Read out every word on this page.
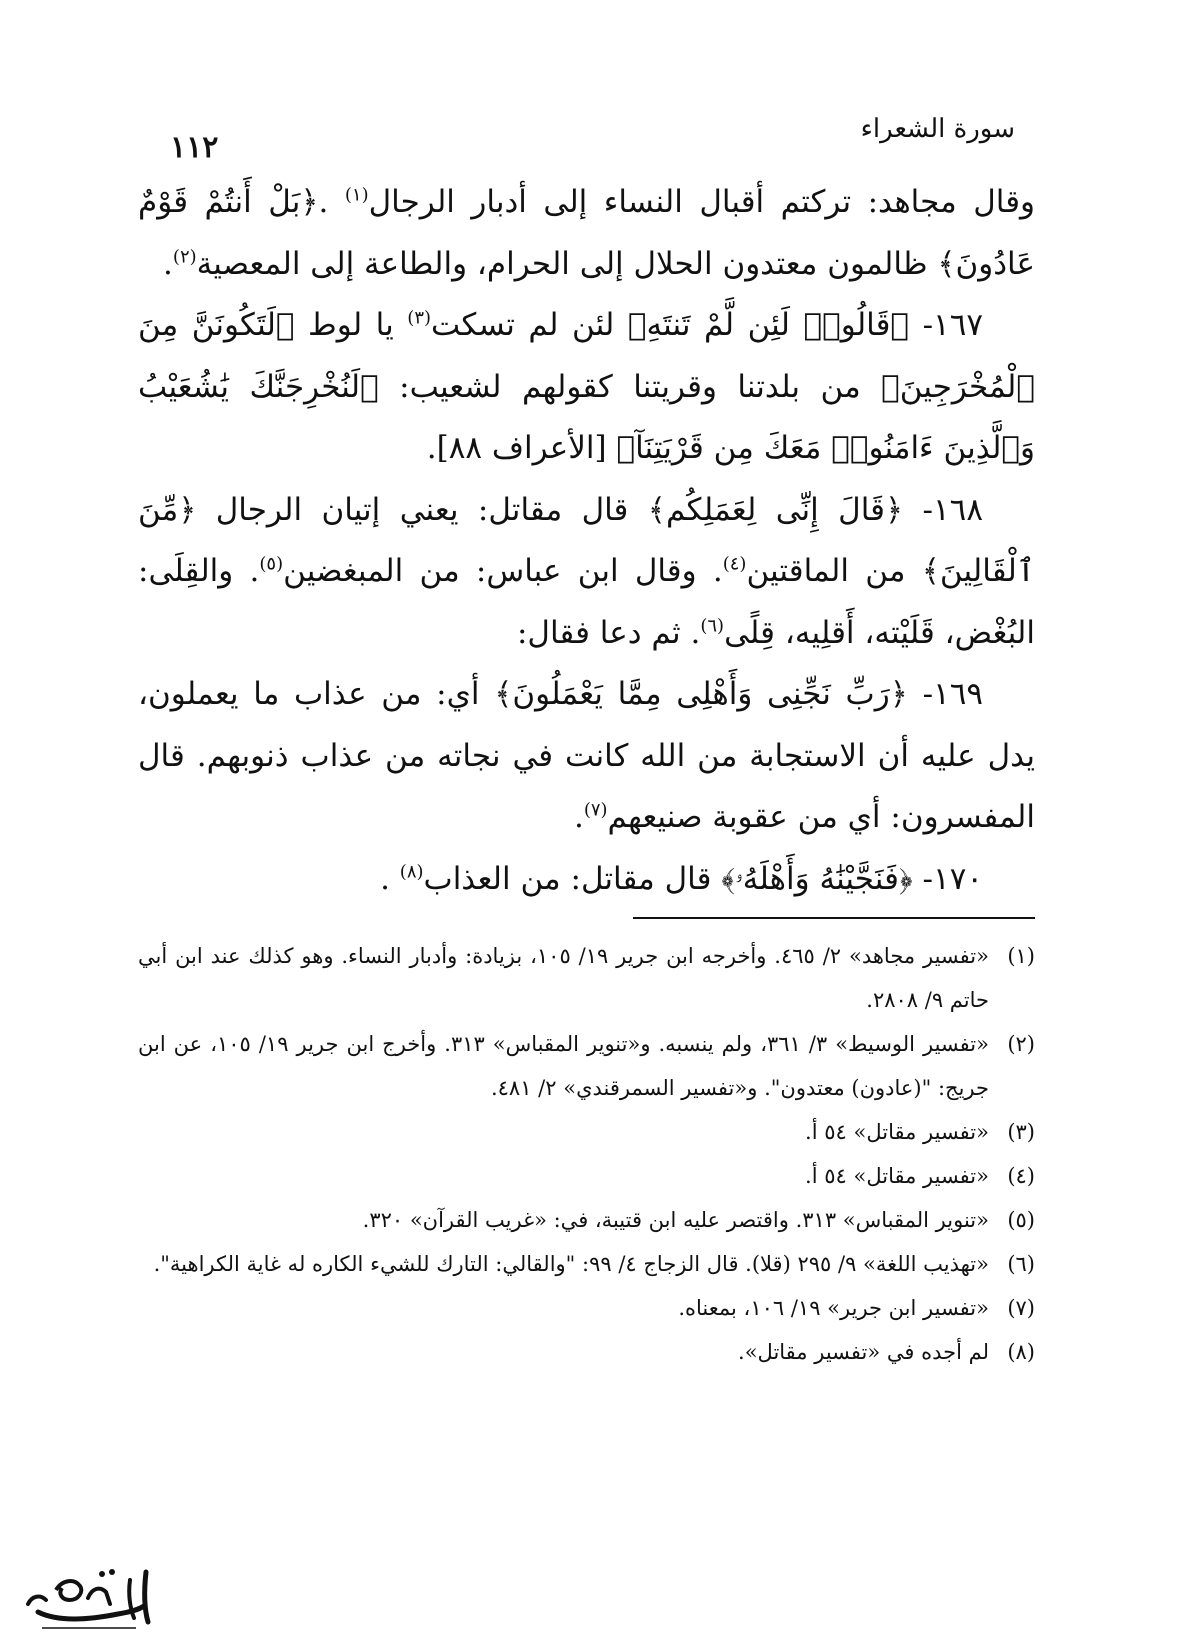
سورة الشعراء
١١٢

وقال مجاهد: تركتم أقبال النساء إلى أدبار الرجال$^{(١)}$ .﴿بَلْ أَنتُمْ قَوْمٌ عَادُونَ﴾ ظالمون معتدون الحلال إلى الحرام، والطاعة إلى المعصية$^{(٢)}$.

١٦٧- ﴿قَالُوا۟ لَئِن لَّمْ تَنتَهِ﴾ لئن لم تسكت$^{(٣)}$ يا لوط ﴿لَتَكُونَنَّ مِنَ ٱلْمُخْرَجِينَ﴾ من بلدتنا وقريتنا كقولهم لشعيب: ﴿لَنُخْرِجَنَّكَ يَٰشُعَيْبُ وَٱلَّذِينَ ءَامَنُوا۟ مَعَكَ مِن قَرْيَتِنَآ﴾ [الأعراف ٨٨].

١٦٨- ﴿قَالَ إِنِّى لِعَمَلِكُم﴾ قال مقاتل: يعني إتيان الرجال ﴿مِّنَ ٱلْقَالِينَ﴾ من الماقتين$^{(٤)}$. وقال ابن عباس: من المبغضين$^{(٥)}$. والقِلَى: البُغْض، قَلَيْته، أَقلِيه، قِلًى$^{(٦)}$. ثم دعا فقال:

١٦٩- ﴿رَبِّ نَجِّنِى وَأَهْلِى مِمَّا يَعْمَلُونَ﴾ أي: من عذاب ما يعملون، يدل عليه أن الاستجابة من الله كانت في نجاته من عذاب ذنوبهم. قال المفسرون: أي من عقوبة صنيعهم$^{(٧)}$.

١٧٠- ﴿فَنَجَّيْنَٰهُ وَأَهْلَهُۥ﴾ قال مقاتل: من العذاب$^{(٨)}$ .

(١)
«تفسير مجاهد» ٢/ ٤٦٥. وأخرجه ابن جرير ١٩/ ١٠٥، بزيادة: وأدبار النساء. وهو كذلك عند ابن أبي حاتم ٩/ ٢٨٠٨.

(٢)
«تفسير الوسيط» ٣/ ٣٦١، ولم ينسبه. و«تنوير المقباس» ٣١٣. وأخرج ابن جرير ١٩/ ١٠٥، عن ابن جريج: "(عادون) معتدون". و«تفسير السمرقندي» ٢/ ٤٨١.

(٣)
«تفسير مقاتل» ٥٤ أ.

(٤)
«تفسير مقاتل» ٥٤ أ.

(٥)
«تنوير المقباس» ٣١٣. واقتصر عليه ابن قتيبة، في: «غريب القرآن» ٣٢٠.

(٦)
«تهذيب اللغة» ٩/ ٢٩٥ (قلا). قال الزجاج ٤/ ٩٩: "والقالي: التارك للشيء الكاره له غاية الكراهية".

(٧)
«تفسير ابن جرير» ١٩/ ١٠٦، بمعناه.

(٨)
لم أجده في «تفسير مقاتل».
